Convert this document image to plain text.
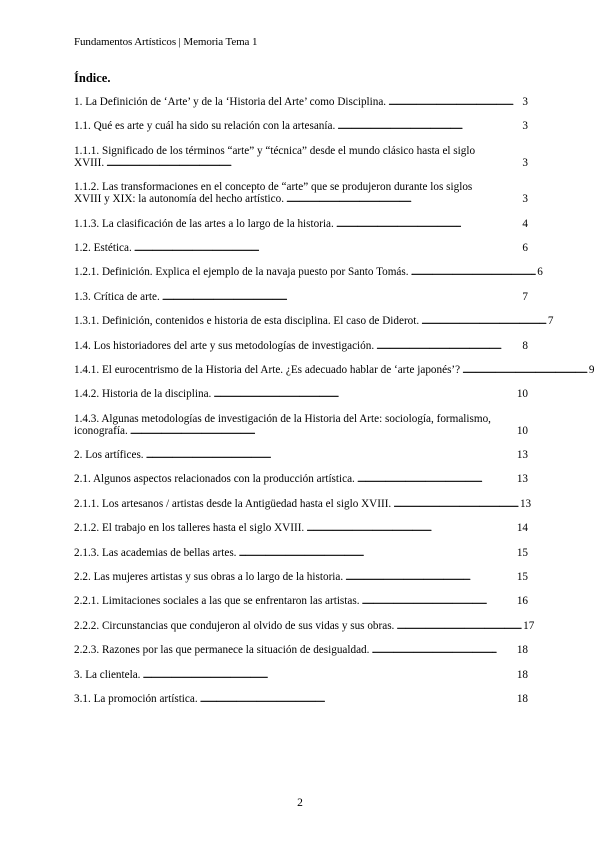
Fundamentos Artísticos | Memoria Tema 1
Índice.
1. La Definición de ‘Arte’ y de la ‘Historia del Arte’ como Disciplina. . . .	3
1.1. Qué es arte y cuál ha sido su relación con la artesanía. . . .	3
1.1.1. Significado de los términos “arte” y “técnica” desde el mundo clásico hasta el siglo
XVIII. . . .	3
1.1.2. Las transformaciones en el concepto de “arte” que se produjeron durante los siglos
XVIII y XIX: la autonomía del hecho artístico. . . .	3
1.1.3. La clasificación de las artes a lo largo de la historia. . . .	4
1.2. Estética. . . .	6
1.2.1. Definición. Explica el ejemplo de la navaja puesto por Santo Tomás. . . .	6
1.3. Crítica de arte. . . .	7
1.3.1. Definición, contenidos e historia de esta disciplina. El caso de Diderot. . . .	7
1.4. Los historiadores del arte y sus metodologías de investigación. . . .	8
1.4.1. El eurocentrismo de la Historia del Arte. ¿Es adecuado hablar de ‘arte japonés’? . . .	9
1.4.2. Historia de la disciplina. . . .	10
1.4.3. Algunas metodologías de investigación de la Historia del Arte: sociología, formalismo,
iconografía. . . .	10
2. Los artífices. . . .	13
2.1. Algunos aspectos relacionados con la producción artística. . . .	13
2.1.1. Los artesanos / artistas desde la Antigüedad hasta el siglo XVIII. . . .	13
2.1.2. El trabajo en los talleres hasta el siglo XVIII. . . .	14
2.1.3. Las academias de bellas artes. . . .	15
2.2. Las mujeres artistas y sus obras a lo largo de la historia. . . .	15
2.2.1. Limitaciones sociales a las que se enfrentaron las artistas. . . .	16
2.2.2. Circunstancias que condujeron al olvido de sus vidas y sus obras. . . .	17
2.2.3. Razones por las que permanece la situación de desigualdad. . . .	18
3. La clientela. . . .	18
3.1. La promoción artística. . . .	18
2
